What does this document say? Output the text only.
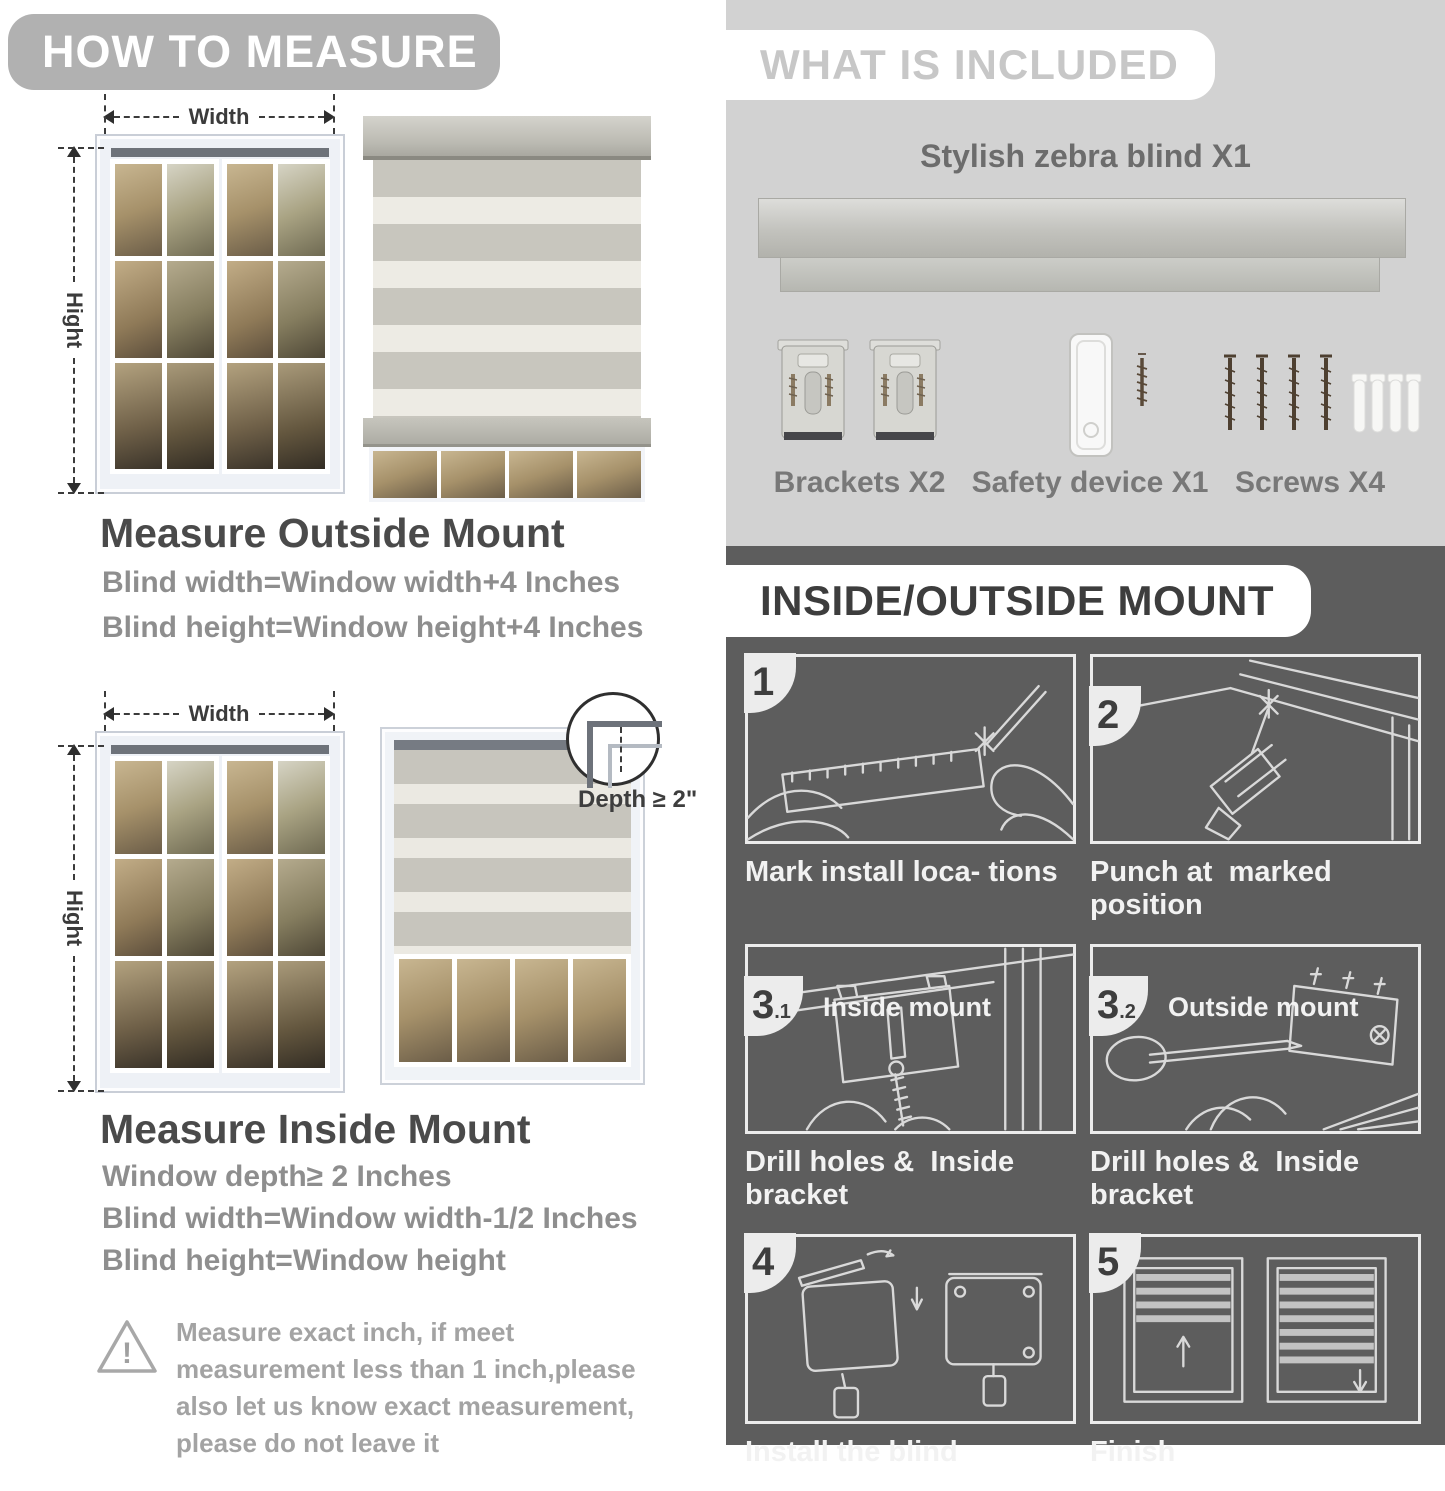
HOW TO MEASURE
Width
Hight
Measure Outside Mount
Blind width=Window width+4 Inches
Blind height=Window height+4 Inches
Width
Hight
Depth ≥ 2"
Measure Inside Mount
Window depth≥ 2 Inches
Blind width=Window width-1/2 Inches
Blind height=Window height
!
Measure exact inch, if meet measurement less than 1 inch,please also let us know exact measurement, please do not leave it
WHAT IS INCLUDED
Stylish zebra blind X1
Brackets X2 Safety device X1 Screws X4
INSIDE/OUTSIDE MOUNT
Mark install loca- tions
1
Punch at  marked position
2
Drill holes &  Inside bracket
3.1	Inside mount
Drill holes &  Inside bracket
3.2	Outside mount
Install the blind
4
Finish
5
